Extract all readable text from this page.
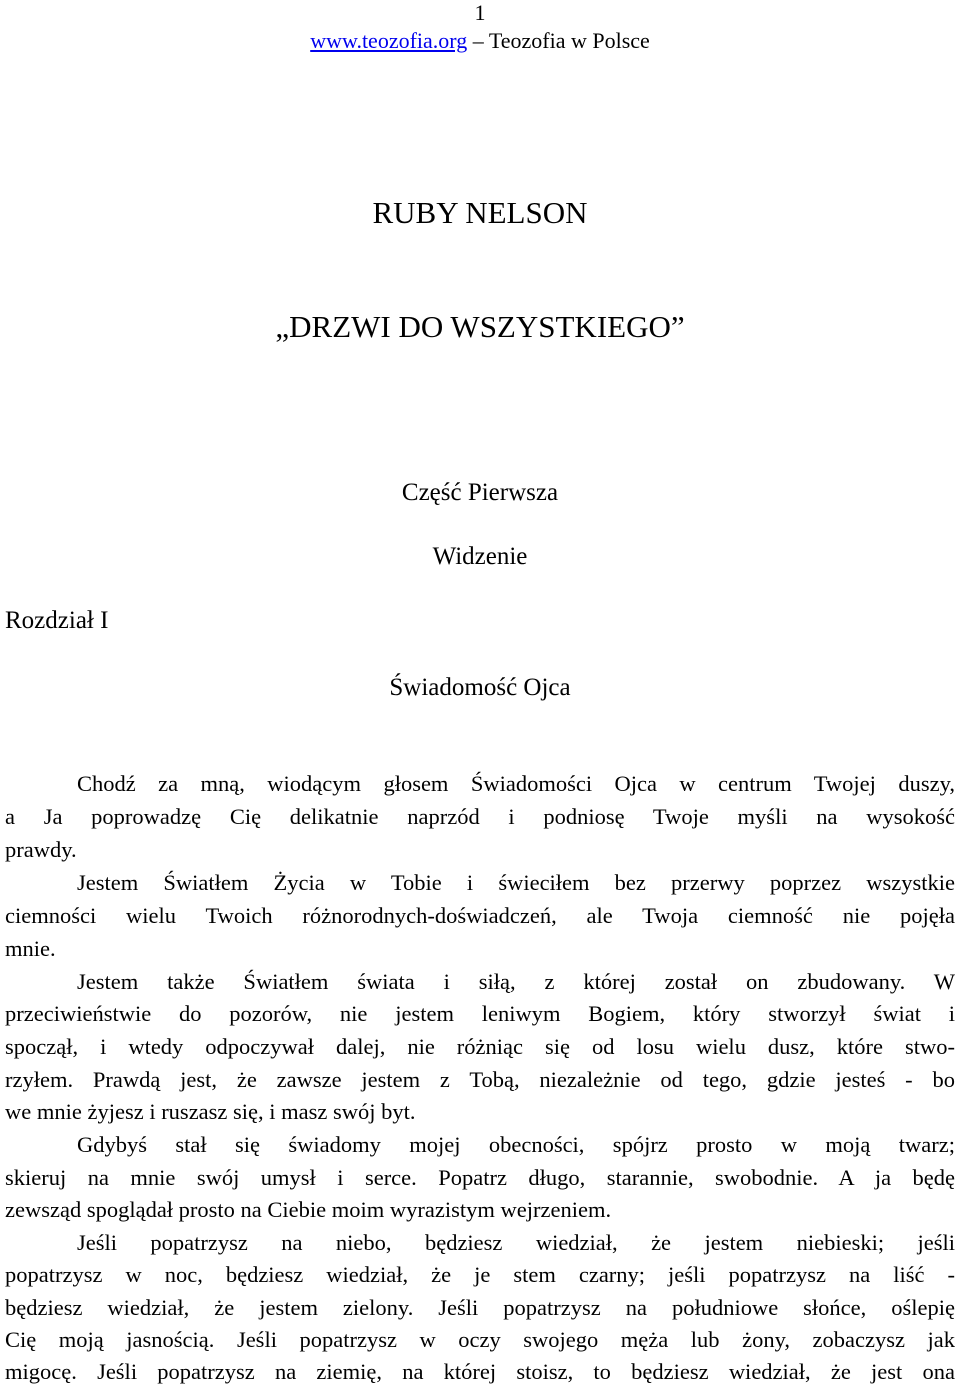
1
www.teozofia.org – Teozofia w Polsce
RUBY NELSON
„DRZWI DO WSZYSTKIEGO”
Część Pierwsza
Widzenie
Rozdział I
Świadomość Ojca
Chodź za mną, wiodącym głosem Świadomości Ojca w centrum Twojej duszy,
a Ja poprowadzę Cię delikatnie naprzód i podniosę Twoje myśli na wysokość
prawdy.
Jestem Światłem Życia w Tobie i świeciłem bez przerwy poprzez wszystkie
ciemności wielu Twoich różnorodnych-doświadczeń, ale Twoja ciemność nie pojęła
mnie.
Jestem także Światłem świata i siłą, z której został on zbudowany. W
przeciwieństwie do pozorów, nie jestem leniwym Bogiem, który stworzył świat i
spoczął, i wtedy odpoczywał dalej, nie różniąc się od losu wielu dusz, które stwo-
rzyłem. Prawdą jest, że zawsze jestem z Tobą, niezależnie od tego, gdzie jesteś - bo
we mnie żyjesz i ruszasz się, i masz swój byt.
Gdybyś stał się świadomy mojej obecności, spójrz prosto w moją twarz;
skieruj na mnie swój umysł i serce. Popatrz długo, starannie, swobodnie. A ja będę
zewsząd spoglądał prosto na Ciebie moim wyrazistym wejrzeniem.
Jeśli popatrzysz na niebo, będziesz wiedział, że jestem niebieski; jeśli
popatrzysz w noc, będziesz wiedział, że je stem czarny; jeśli popatrzysz na liść -
będziesz wiedział, że jestem zielony. Jeśli popatrzysz na południowe słońce, oślepię
Cię moją jasnością. Jeśli popatrzysz w oczy swojego męża lub żony, zobaczysz jak
migocę. Jeśli popatrzysz na ziemię, na której stoisz, to będziesz wiedział, że jest ona
